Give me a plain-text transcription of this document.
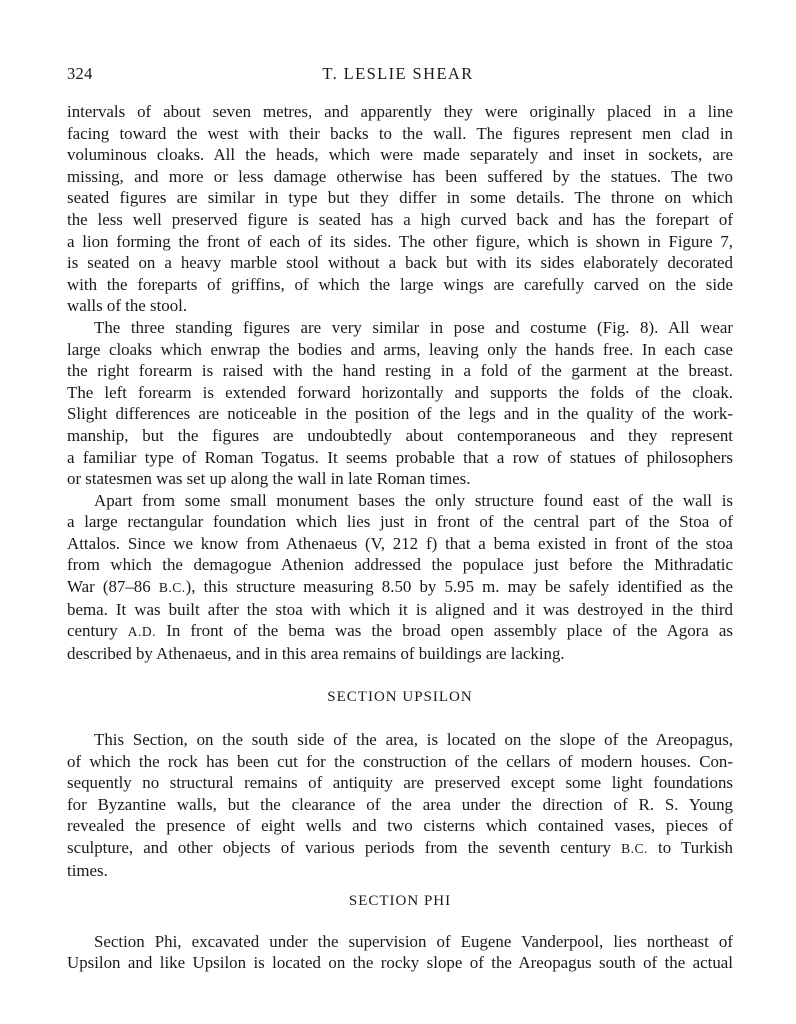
324	T. LESLIE SHEAR

intervals of about seven metres, and apparently they were originally placed in a line

facing toward the west with their backs to the wall. The figures represent men clad in

voluminous cloaks. All the heads, which were made separately and inset in sockets, are

missing, and more or less damage otherwise has been suffered by the statues. The two

seated figures are similar in type but they differ in some details. The throne on which

the less well preserved figure is seated has a high curved back and has the forepart of

a lion forming the front of each of its sides. The other figure, which is shown in Figure 7,

is seated on a heavy marble stool without a back but with its sides elaborately decorated

with the foreparts of griffins, of which the large wings are carefully carved on the side

walls of the stool.

The three standing figures are very similar in pose and costume (Fig. 8). All wear

large cloaks which enwrap the bodies and arms, leaving only the hands free. In each case

the right forearm is raised with the hand resting in a fold of the garment at the breast.

The left forearm is extended forward horizontally and supports the folds of the cloak.

Slight differences are noticeable in the position of the legs and in the quality of the work-

manship, but the figures are undoubtedly about contemporaneous and they represent

a familiar type of Roman Togatus. It seems probable that a row of statues of philosophers

or statesmen was set up along the wall in late Roman times.

Apart from some small monument bases the only structure found east of the wall is

a large rectangular foundation which lies just in front of the central part of the Stoa of

Attalos. Since we know from Athenaeus (V, 212 f) that a bema existed in front of the stoa

from which the demagogue Athenion addressed the populace just before the Mithradatic

War (87–86 B.C.), this structure measuring 8.50 by 5.95 m. may be safely identified as the

bema. It was built after the stoa with which it is aligned and it was destroyed in the third

century A.D. In front of the bema was the broad open assembly place of the Agora as

described by Athenaeus, and in this area remains of buildings are lacking.

SECTION UPSILON

This Section, on the south side of the area, is located on the slope of the Areopagus,

of which the rock has been cut for the construction of the cellars of modern houses. Con-

sequently no structural remains of antiquity are preserved except some light foundations

for Byzantine walls, but the clearance of the area under the direction of R. S. Young

revealed the presence of eight wells and two cisterns which contained vases, pieces of

sculpture, and other objects of various periods from the seventh century B.C. to Turkish

times.

SECTION PHI

Section Phi, excavated under the supervision of Eugene Vanderpool, lies northeast of

Upsilon and like Upsilon is located on the rocky slope of the Areopagus south of the actual
